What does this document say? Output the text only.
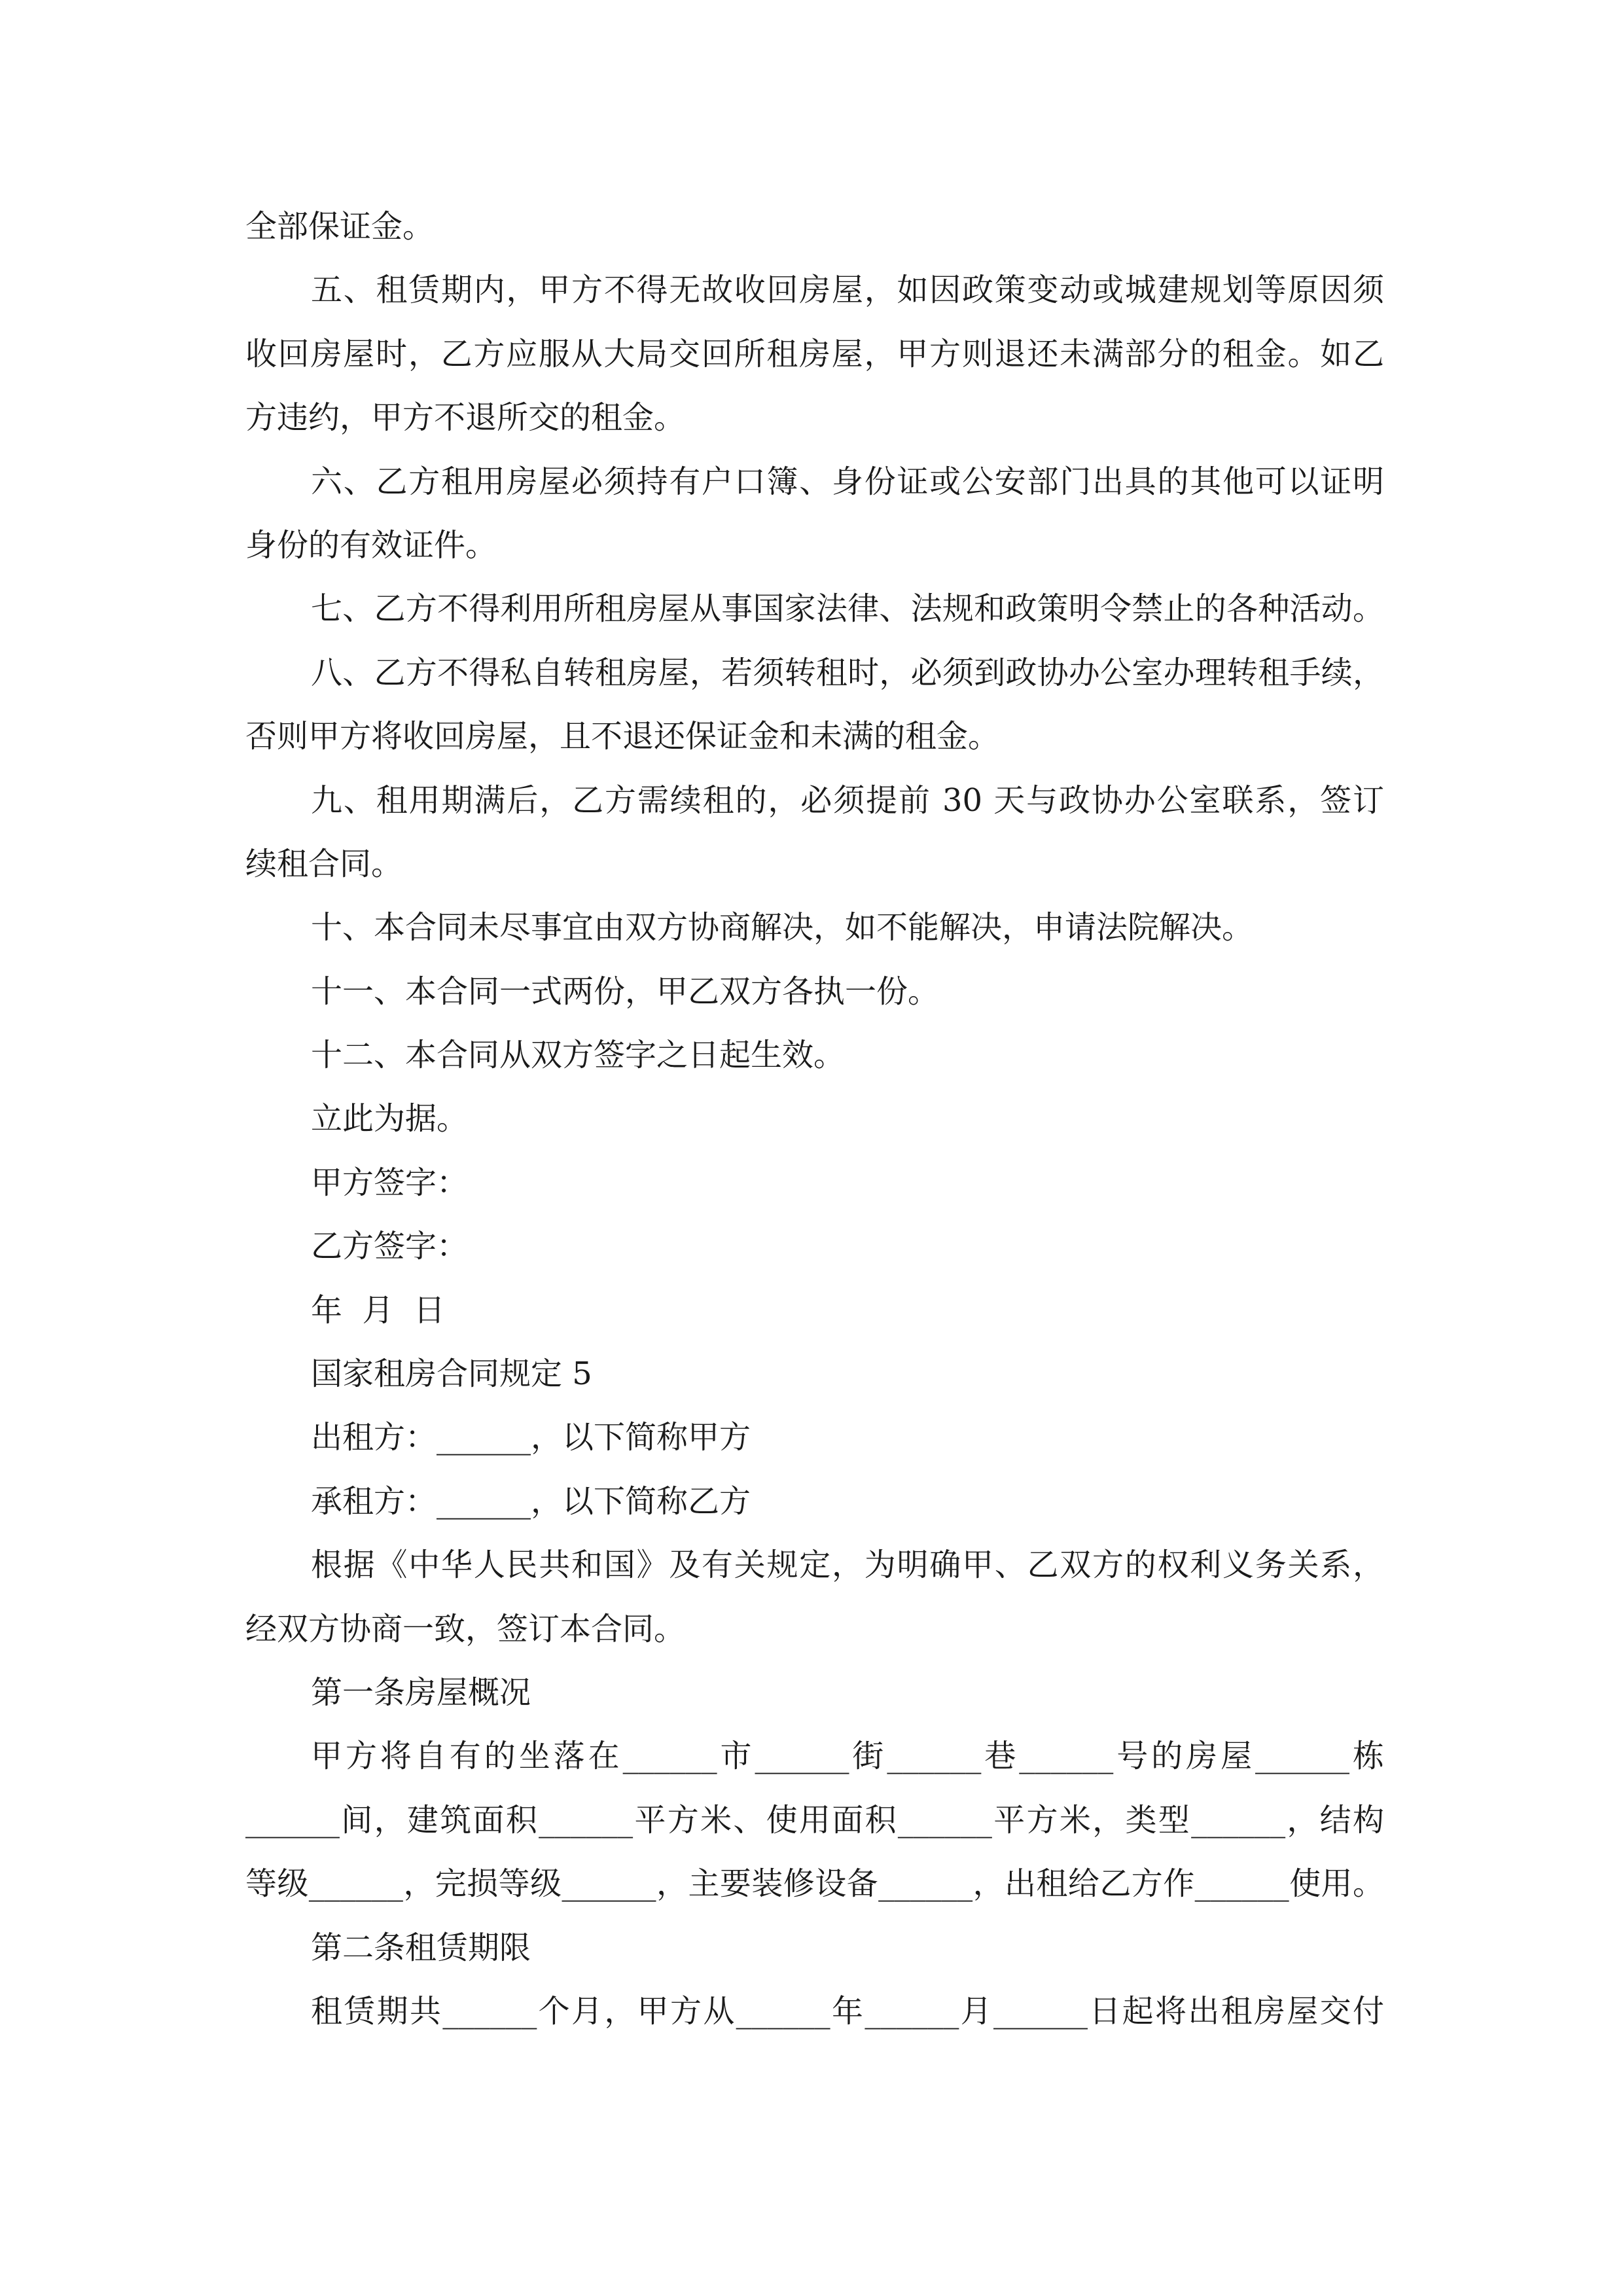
全部保证金。
五、租赁期内，甲方不得无故收回房屋，如因政策变动或城建规划等原因须
收回房屋时，乙方应服从大局交回所租房屋，甲方则退还未满部分的租金。如乙
方违约，甲方不退所交的租金。
六、乙方租用房屋必须持有户口簿、身份证或公安部门出具的其他可以证明
身份的有效证件。
七、乙方不得利用所租房屋从事国家法律、法规和政策明令禁止的各种活动。
八、乙方不得私自转租房屋，若须转租时，必须到政协办公室办理转租手续，
否则甲方将收回房屋，且不退还保证金和未满的租金。
九、租用期满后，乙方需续租的，必须提前 30 天与政协办公室联系，签订
续租合同。
十、本合同未尽事宜由双方协商解决，如不能解决，申请法院解决。
十一、本合同一式两份，甲乙双方各执一份。
十二、本合同从双方签字之日起生效。
立此为据。
甲方签字：
乙方签字：
年  月  日
国家租房合同规定 5
出租方：______，以下简称甲方
承租方：______，以下简称乙方
根据《中华人民共和国》及有关规定，为明确甲、乙双方的权利义务关系，
经双方协商一致，签订本合同。
第一条房屋概况
甲方将自有的坐落在______市______街______巷______号的房屋______栋
______间，建筑面积______平方米、使用面积______平方米，类型______，结构
等级______，完损等级______，主要装修设备______，出租给乙方作______使用。
第二条租赁期限
租赁期共______个月，甲方从______年______月______日起将出租房屋交付
